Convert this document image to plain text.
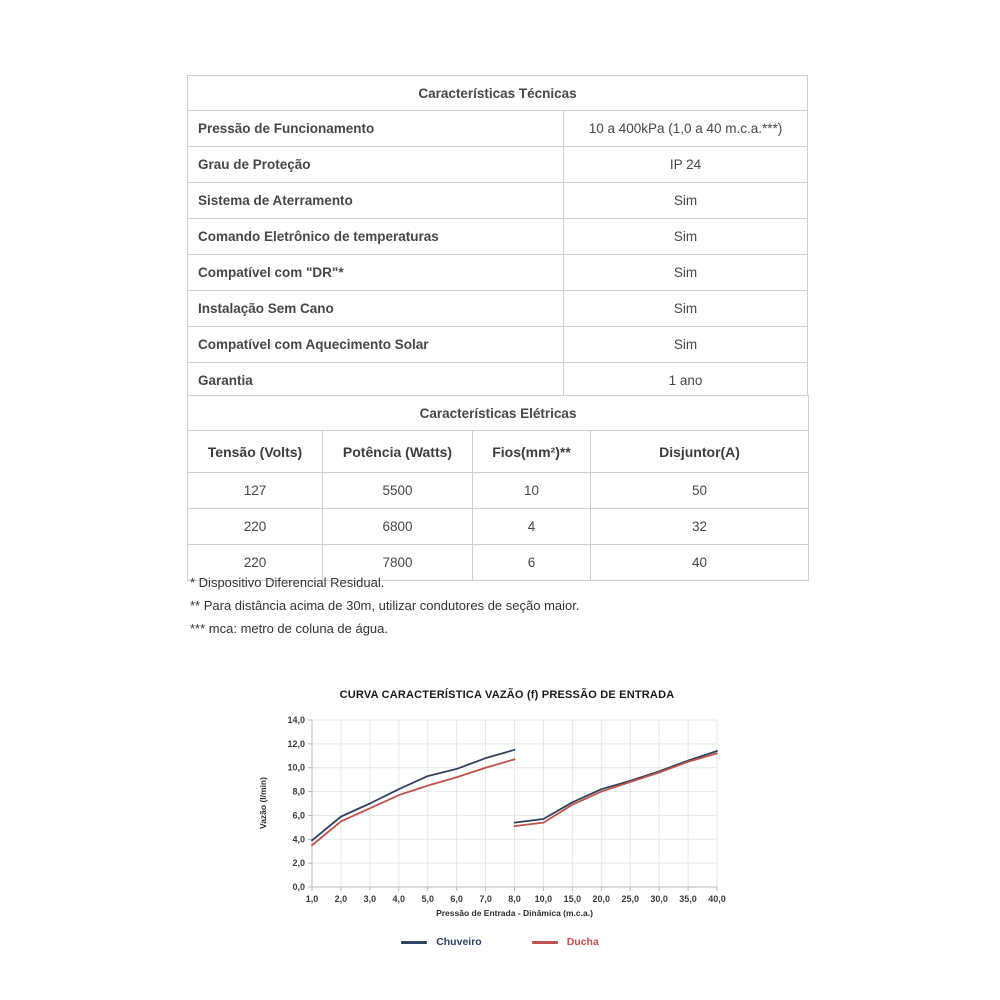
Características Técnicas	
Pressão de Funcionamento	10 a 400kPa (1,0 a 40 m.c.a.***)
Grau de Proteção	IP 24
Sistema de Aterramento	Sim
Comando Eletrônico de temperaturas	Sim
Compatível com "DR"*	Sim
Instalação Sem Cano	Sim
Compatível com Aquecimento Solar	Sim
Garantia	1 ano
Características Elétricas			
Tensão (Volts)	Potência (Watts)	Fios(mm²)**	Disjuntor(A)
127	5500	10	50
220	6800	4	32
220	7800	6	40
* Dispositivo Diferencial Residual.
** Para distância acima de 30m, utilizar condutores de seção maior.
*** mca: metro de coluna de água.
CURVA CARACTERÍSTICA VAZÃO (f) PRESSÃO DE ENTRADA
Vazão (l/min)
0,0
2,0
4,0
6,0
8,0
10,0
12,0
14,0
1,0 2,0 3,0 4,0 5,0 6,0 7,0 8,0 10,0 15,0 20,0 25,0 30,0 35,0 40,0
Pressão de Entrada - Dinâmica (m.c.a.)
Chuveiro	Ducha
